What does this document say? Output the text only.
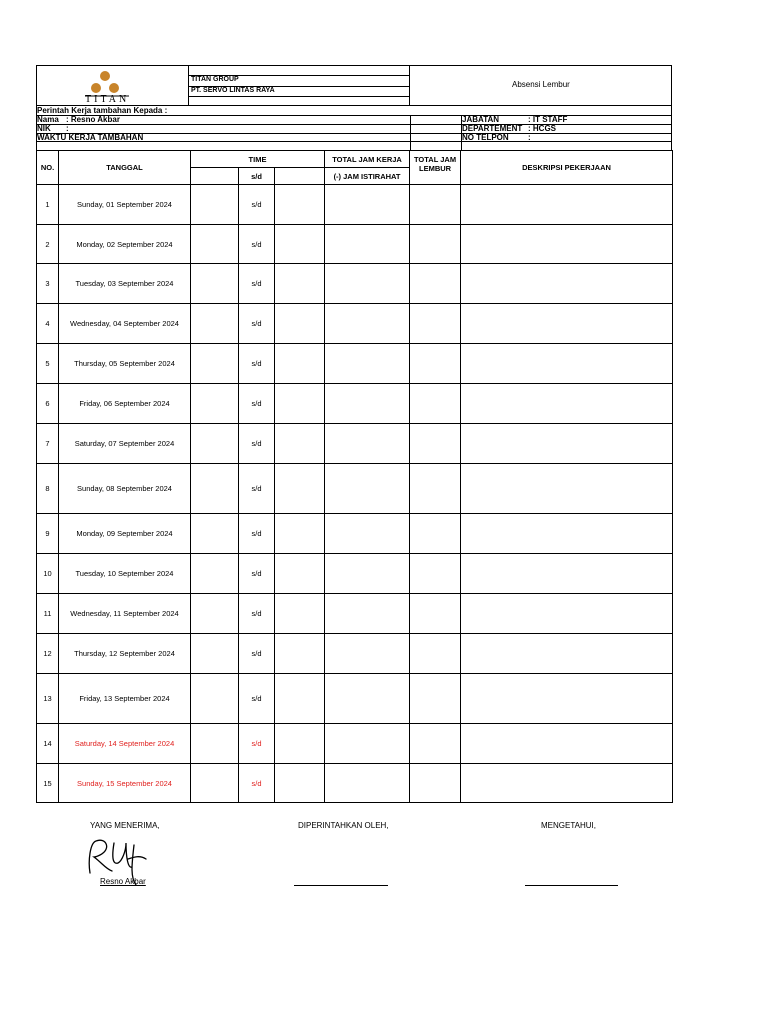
TITAN
TITAN GROUP
PT. SERVO LINTAS RAYA
Absensi Lembur
Perintah Kerja tambahan Kepada :
Nama : Resno Akbar
NIK :
WAKTU KERJA TAMBAHAN
JABATAN	: IT STAFF
DEPARTEMENT : HCGS
NO TELPON :
NO.	TANGGAL	TIME			TOTAL JAM KERJA	TOTAL JAM LEMBUR	DESKRIPSI PEKERJAAN
			s/d		(-) JAM ISTIRAHAT		
1	Sunday, 01 September 2024		s/d				
2	Monday, 02 September 2024		s/d				
3	Tuesday, 03 September 2024		s/d				
4	Wednesday, 04 September 2024		s/d				
5	Thursday, 05 September 2024		s/d				
6	Friday, 06 September 2024		s/d				
7	Saturday, 07 September 2024		s/d				
8	Sunday, 08 September 2024		s/d				
9	Monday, 09 September 2024		s/d				
10	Tuesday, 10 September 2024		s/d				
11	Wednesday, 11 September 2024		s/d				
12	Thursday, 12 September 2024		s/d				
13	Friday, 13 September 2024		s/d				
14	Saturday, 14 September 2024		s/d				
15	Sunday, 15 September 2024		s/d				
YANG MENERIMA,
Resno Akbar
DIPERINTAHKAN OLEH,	MENGETAHUI,
